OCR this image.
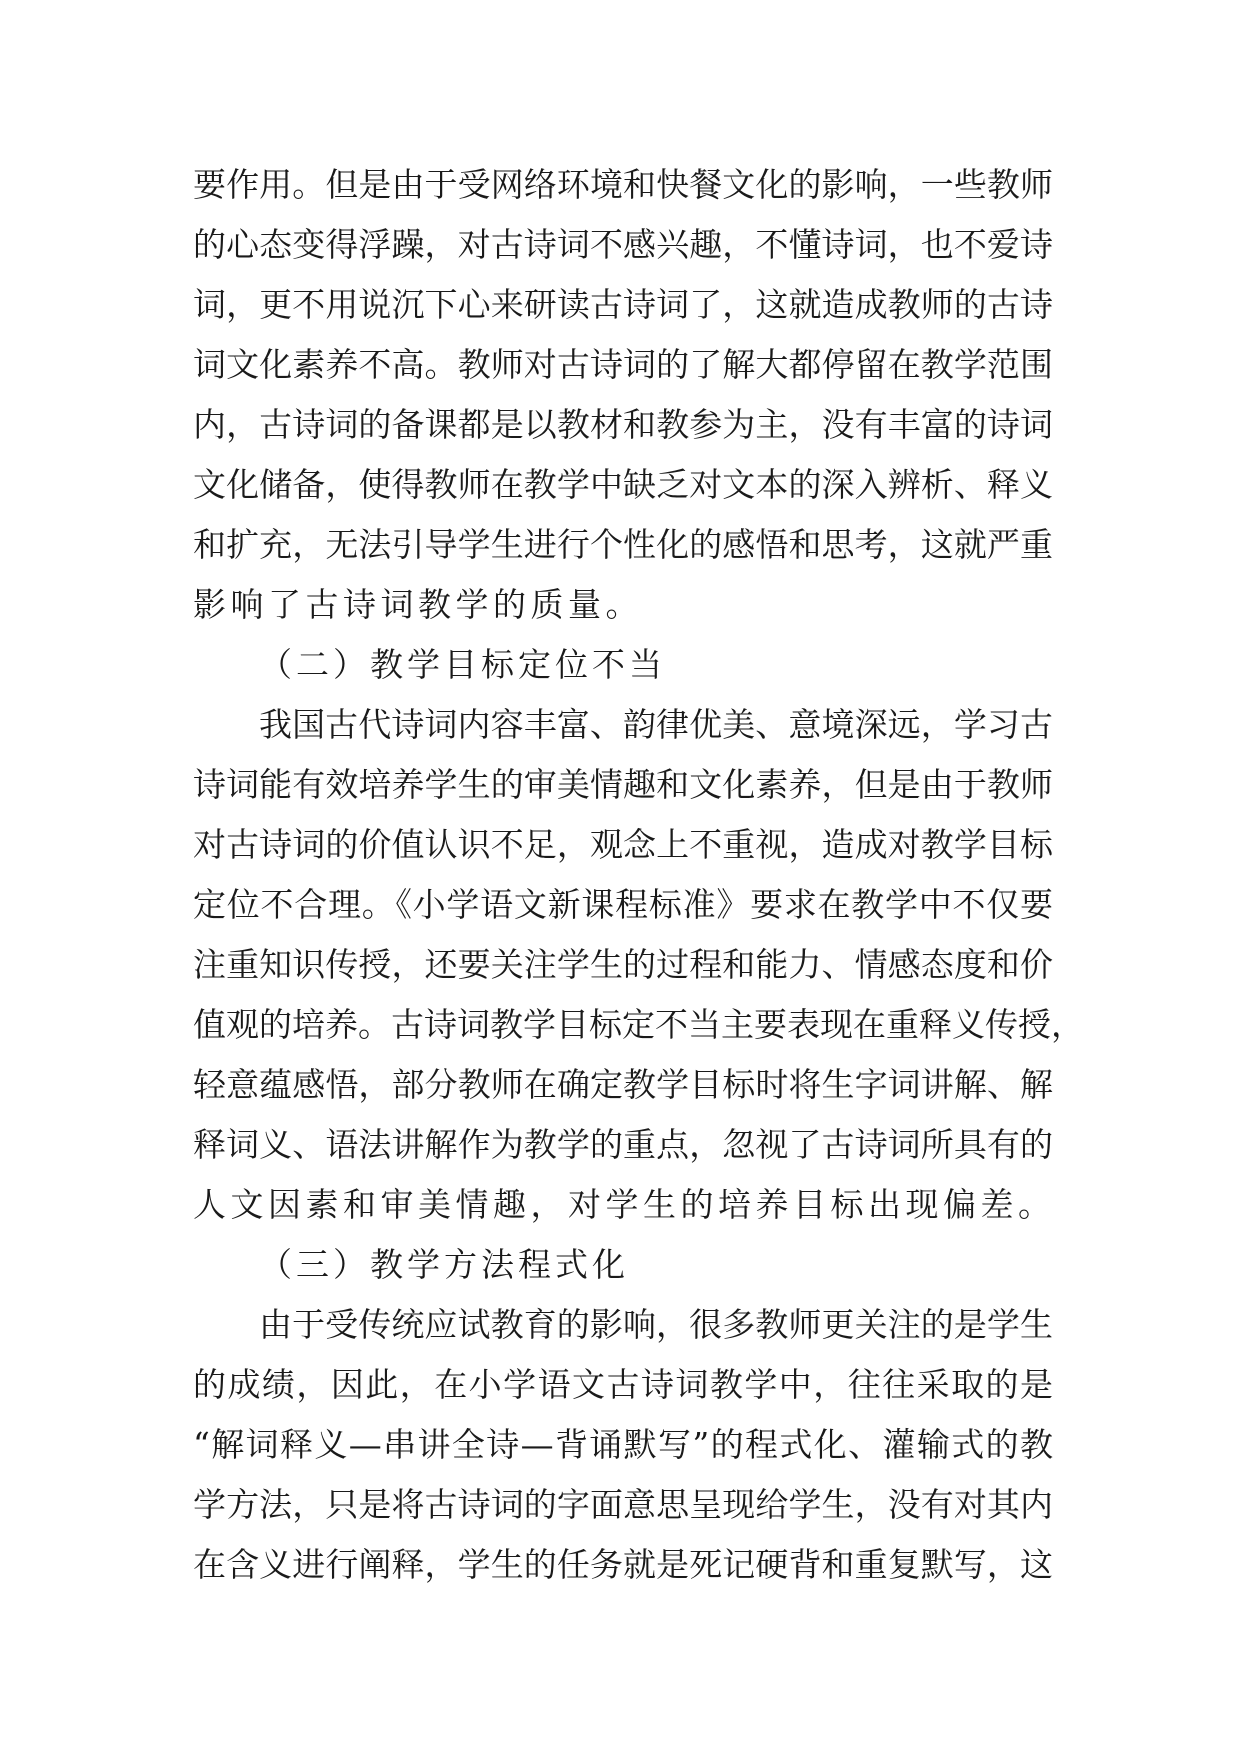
要作用。但是由于受网络环境和快餐文化的影响，一些教师
的心态变得浮躁，对古诗词不感兴趣，不懂诗词，也不爱诗
词，更不用说沉下心来研读古诗词了，这就造成教师的古诗
词文化素养不高。教师对古诗词的了解大都停留在教学范围
内，古诗词的备课都是以教材和教参为主，没有丰富的诗词
文化储备，使得教师在教学中缺乏对文本的深入辨析、释义
和扩充，无法引导学生进行个性化的感悟和思考，这就严重
影响了古诗词教学的质量。
（二）教学目标定位不当
我国古代诗词内容丰富、韵律优美、意境深远，学习古
诗词能有效培养学生的审美情趣和文化素养，但是由于教师
对古诗词的价值认识不足，观念上不重视，造成对教学目标
定位不合理。《小学语文新课程标准》要求在教学中不仅要
注重知识传授，还要关注学生的过程和能力、情感态度和价
值观的培养。古诗词教学目标定不当主要表现在重释义传授，
轻意蕴感悟，部分教师在确定教学目标时将生字词讲解、解
释词义、语法讲解作为教学的重点，忽视了古诗词所具有的
人文因素和审美情趣，对学生的培养目标出现偏差。
（三）教学方法程式化
由于受传统应试教育的影响，很多教师更关注的是学生
的成绩，因此，在小学语文古诗词教学中，往往采取的是
“解词释义—串讲全诗—背诵默写”的程式化、灌输式的教
学方法，只是将古诗词的字面意思呈现给学生，没有对其内
在含义进行阐释，学生的任务就是死记硬背和重复默写，这
